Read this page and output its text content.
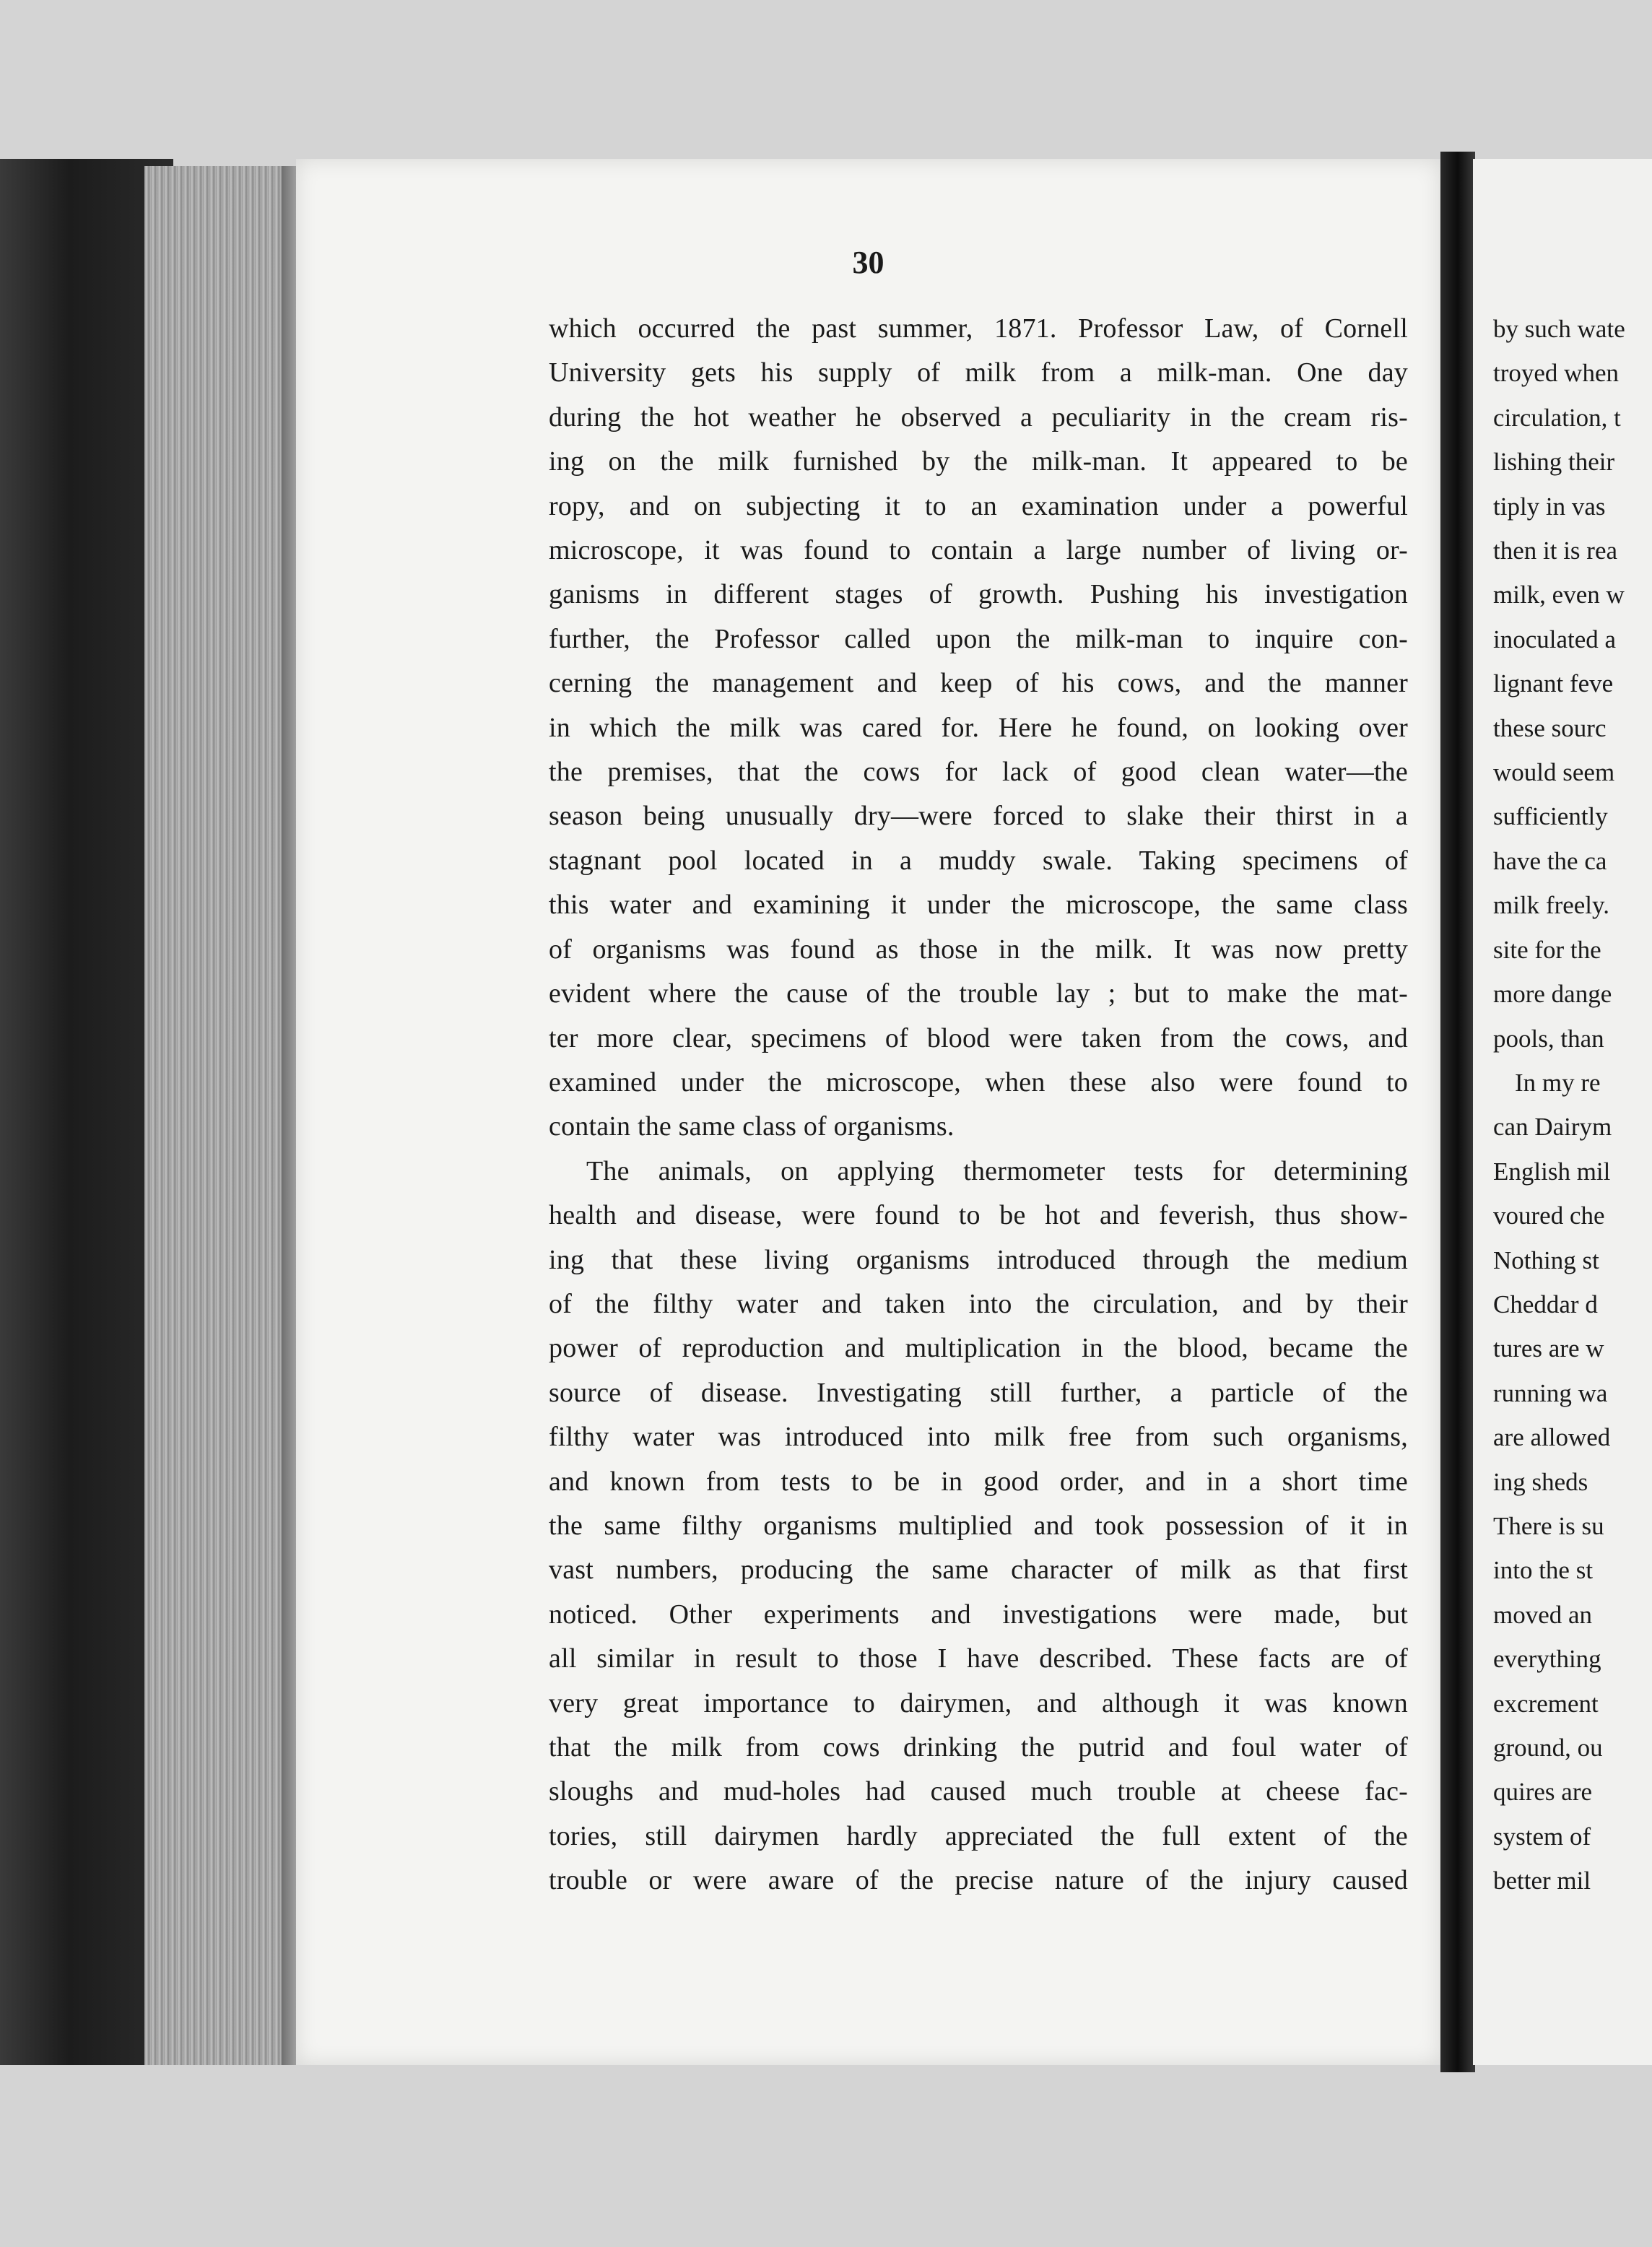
30
which occurred the past summer, 1871. Professor Law, of Cornell
University gets his supply of milk from a milk-man. One day
during the hot weather he observed a peculiarity in the cream ris-
ing on the milk furnished by the milk-man. It appeared to be
ropy, and on subjecting it to an examination under a powerful
microscope, it was found to contain a large number of living or-
ganisms in different stages of growth. Pushing his investigation
further, the Professor called upon the milk-man to inquire con-
cerning the management and keep of his cows, and the manner
in which the milk was cared for. Here he found, on looking over
the premises, that the cows for lack of good clean water—the
season being unusually dry—were forced to slake their thirst in a
stagnant pool located in a muddy swale. Taking specimens of
this water and examining it under the microscope, the same class
of organisms was found as those in the milk. It was now pretty
evident where the cause of the trouble lay ; but to make the mat-
ter more clear, specimens of blood were taken from the cows, and
examined under the microscope, when these also were found to
contain the same class of organisms.
The animals, on applying thermometer tests for determining
health and disease, were found to be hot and feverish, thus show-
ing that these living organisms introduced through the medium
of the filthy water and taken into the circulation, and by their
power of reproduction and multiplication in the blood, became the
source of disease. Investigating still further, a particle of the
filthy water was introduced into milk free from such organisms,
and known from tests to be in good order, and in a short time
the same filthy organisms multiplied and took possession of it in
vast numbers, producing the same character of milk as that first
noticed. Other experiments and investigations were made, but
all similar in result to those I have described. These facts are of
very great importance to dairymen, and although it was known
that the milk from cows drinking the putrid and foul water of
sloughs and mud-holes had caused much trouble at cheese fac-
tories, still dairymen hardly appreciated the full extent of the
trouble or were aware of the precise nature of the injury caused
by such wate
troyed when
circulation, t
lishing their
tiply in vas
then it is rea
milk, even w
inoculated a
lignant feve
these sourc
would seem
sufficiently
have the ca
milk freely.
site for the
more dange
pools, than
In my re
can Dairym
English mil
voured che
Nothing st
Cheddar d
tures are w
running wa
are allowed
ing sheds
There is su
into the st
moved an
everything
excrement
ground, ou
quires are
system of
better mil
